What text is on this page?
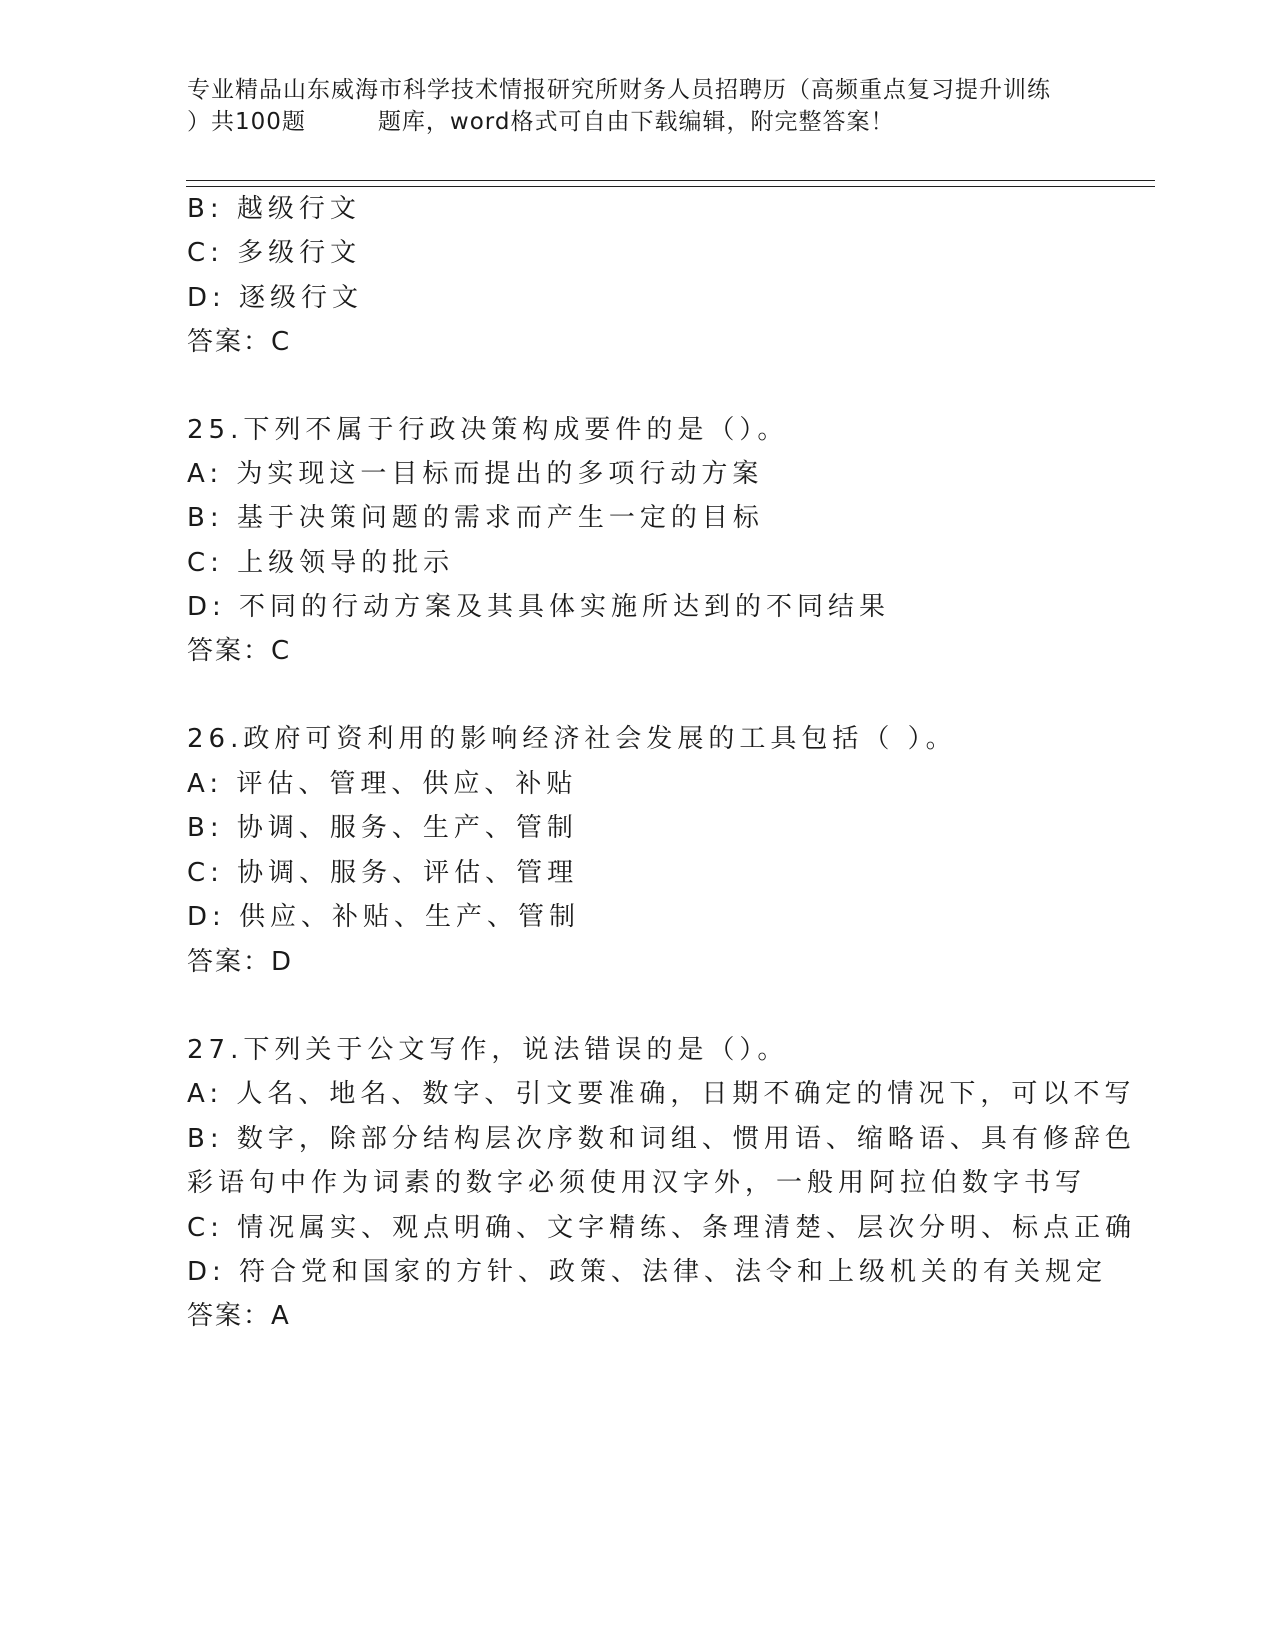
专业精品山东威海市科学技术情报研究所财务人员招聘历（高频重点复习提升训练
）共100题	题库，word格式可自由下载编辑，附完整答案！
B: 越级行文
C: 多级行文
D: 逐级行文
答案：C
25.下列不属于行政决策构成要件的是（）。
A: 为实现这一目标而提出的多项行动方案
B: 基于决策问题的需求而产生一定的目标
C: 上级领导的批示
D: 不同的行动方案及其具体实施所达到的不同结果
答案：C
26.政府可资利用的影响经济社会发展的工具包括（ ）。
A: 评估、管理、供应、补贴
B: 协调、服务、生产、管制
C: 协调、服务、评估、管理
D: 供应、补贴、生产、管制
答案：D
27.下列关于公文写作，说法错误的是（）。
A: 人名、地名、数字、引文要准确，日期不确定的情况下，可以不写
B: 数字，除部分结构层次序数和词组、惯用语、缩略语、具有修辞色
彩语句中作为词素的数字必须使用汉字外，一般用阿拉伯数字书写
C: 情况属实、观点明确、文字精练、条理清楚、层次分明、标点正确
D: 符合党和国家的方针、政策、法律、法令和上级机关的有关规定
答案：A
